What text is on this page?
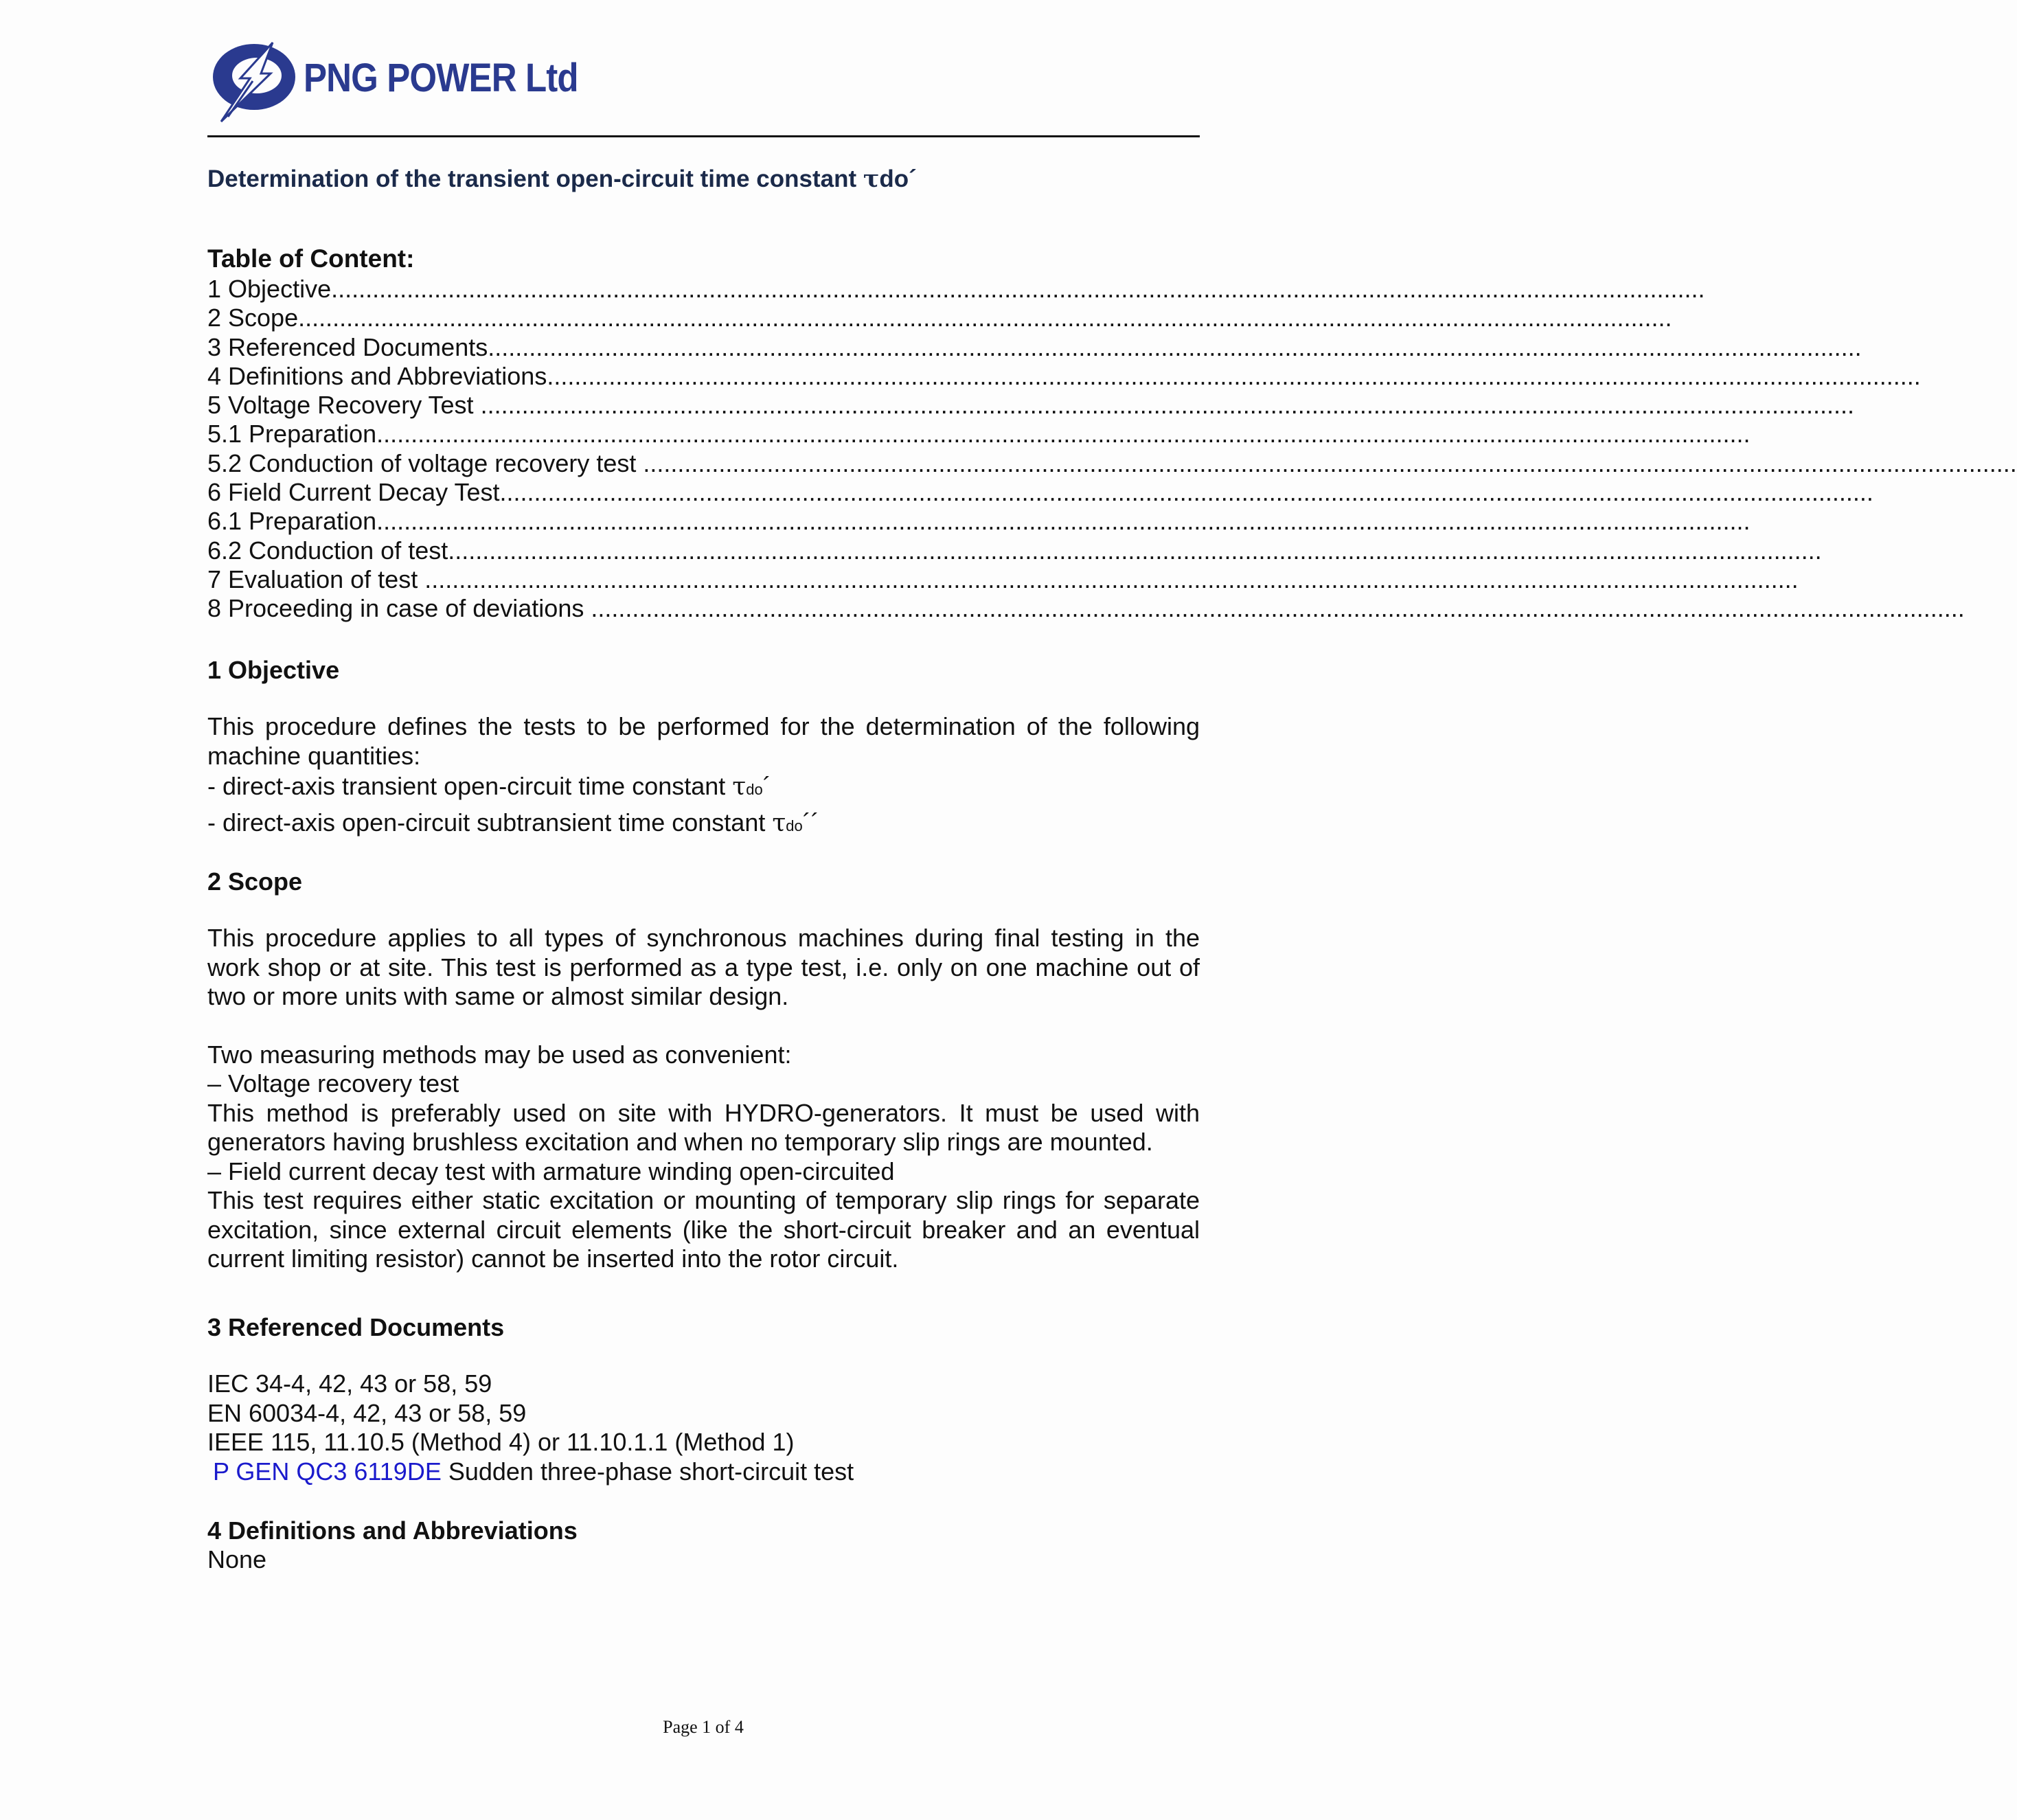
PNG POWER Ltd
Determination of the transient open-circuit time constant τdo´
Table of Content:
1 Objective........................................................................................................................................................................................................
2 Scope........................................................................................................................................................................................................
3 Referenced Documents........................................................................................................................................................................................................
4 Definitions and Abbreviations........................................................................................................................................................................................................
5 Voltage Recovery Test ........................................................................................................................................................................................................
5.1 Preparation........................................................................................................................................................................................................
5.2 Conduction of voltage recovery test ........................................................................................................................................................................................................
6 Field Current Decay Test........................................................................................................................................................................................................
6.1 Preparation........................................................................................................................................................................................................
6.2 Conduction of test........................................................................................................................................................................................................
7 Evaluation of test ........................................................................................................................................................................................................
8 Proceeding in case of deviations ........................................................................................................................................................................................................
1 Objective
This procedure defines the tests to be performed for the determination of the following
machine quantities:
- direct-axis transient open-circuit time constant τdo´
- direct-axis open-circuit subtransient time constant τdo´´
2 Scope
This procedure applies to all types of synchronous machines during final testing in the
work shop or at site. This test is performed as a type test, i.e. only on one machine out of
two or more units with same or almost similar design.
Two measuring methods may be used as convenient:
– Voltage recovery test
This method is preferably used on site with HYDRO-generators. It must be used with
generators having brushless excitation and when no temporary slip rings are mounted.
– Field current decay test with armature winding open-circuited
This test requires either static excitation or mounting of temporary slip rings for separate
excitation, since external circuit elements (like the short-circuit breaker and an eventual
current limiting resistor) cannot be inserted into the rotor circuit.
3 Referenced Documents
IEC 34-4, 42, 43 or 58, 59
EN 60034-4, 42, 43 or 58, 59
IEEE 115, 11.10.5 (Method 4) or 11.10.1.1 (Method 1)
P GEN QC3 6119DE Sudden three-phase short-circuit test
4 Definitions and Abbreviations
None
Page 1 of 4
